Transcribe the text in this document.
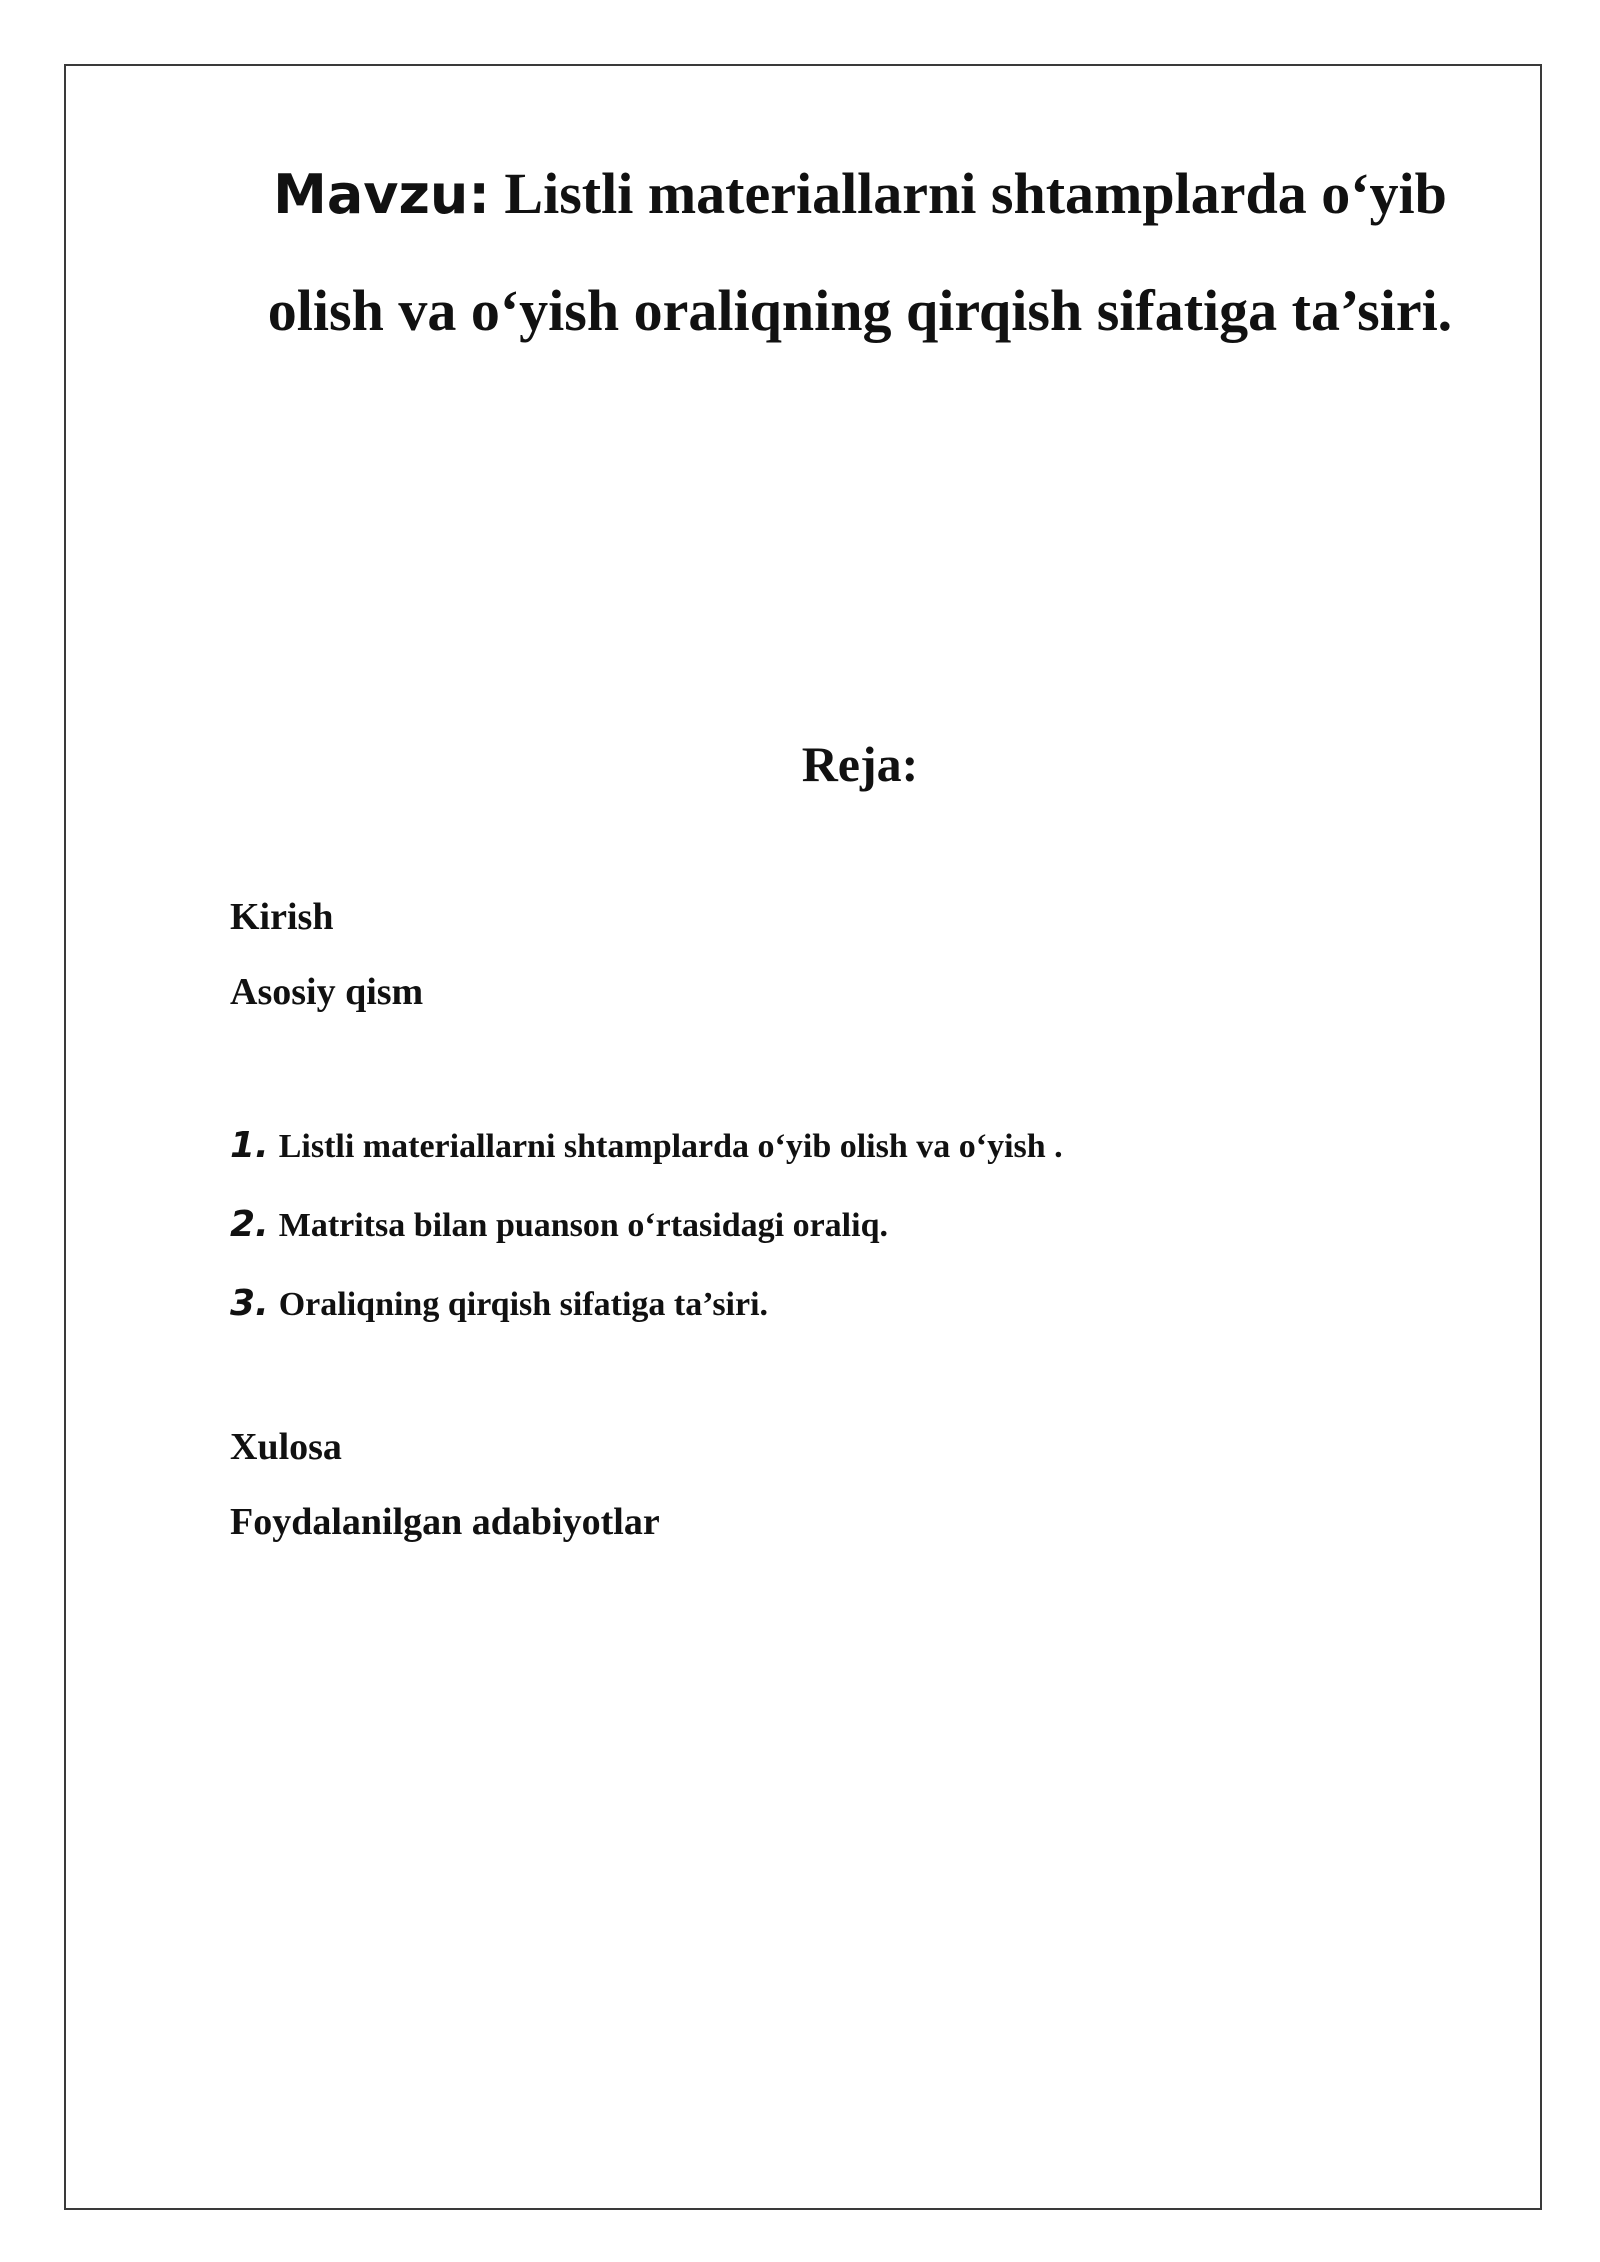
Mavzu: Listli materiallarni shtamplarda o‘yib olish va o‘yish oraliqning qirqish sifatiga ta’siri.
Reja:

Kirish

Asosiy qism

1. Listli materiallarni shtamplarda o‘yib olish va o‘yish .
2. Matritsa bilan puanson o‘rtasidagi oraliq.
3. Oraliqning qirqish sifatiga ta’siri.

Xulosa

Foydalanilgan adabiyotlar
